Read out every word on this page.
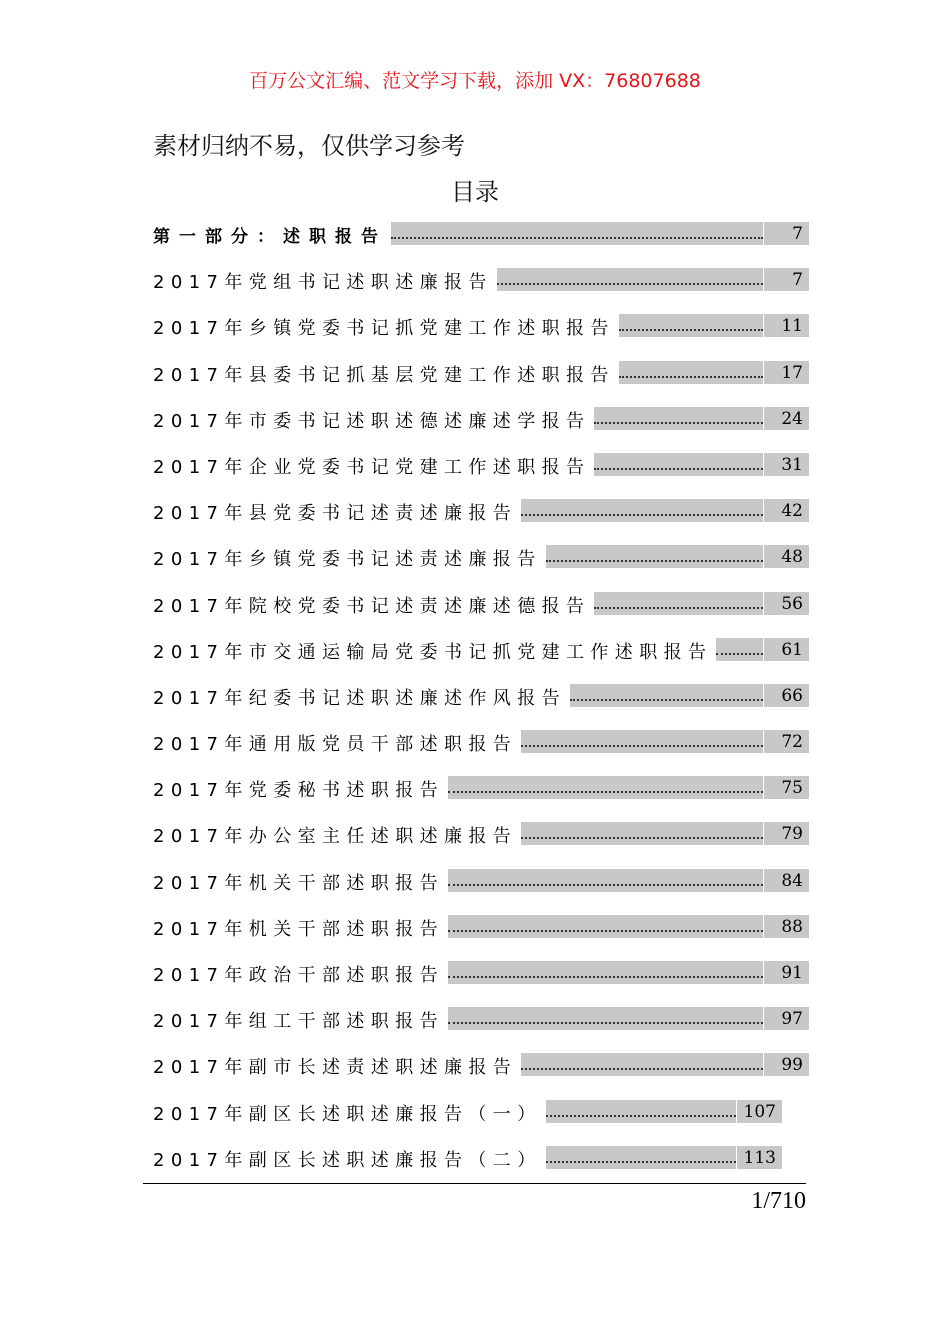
百万公文汇编、范文学习下载，添加 VX：76807688
素材归纳不易，仅供学习参考
目录
第一部分：述职报告	7
2017年党组书记述职述廉报告	7
2017年乡镇党委书记抓党建工作述职报告	11
2017年县委书记抓基层党建工作述职报告	17
2017年市委书记述职述德述廉述学报告	24
2017年企业党委书记党建工作述职报告	31
2017年县党委书记述责述廉报告	42
2017年乡镇党委书记述责述廉报告	48
2017年院校党委书记述责述廉述德报告	56
2017年市交通运输局党委书记抓党建工作述职报告	61
2017年纪委书记述职述廉述作风报告	66
2017年通用版党员干部述职报告	72
2017年党委秘书述职报告	75
2017年办公室主任述职述廉报告	79
2017年机关干部述职报告	84
2017年机关干部述职报告	88
2017年政治干部述职报告	91
2017年组工干部述职报告	97
2017年副市长述责述职述廉报告	99
2017年副区长述职述廉报告（一）	107
2017年副区长述职述廉报告（二）	113
1/710
